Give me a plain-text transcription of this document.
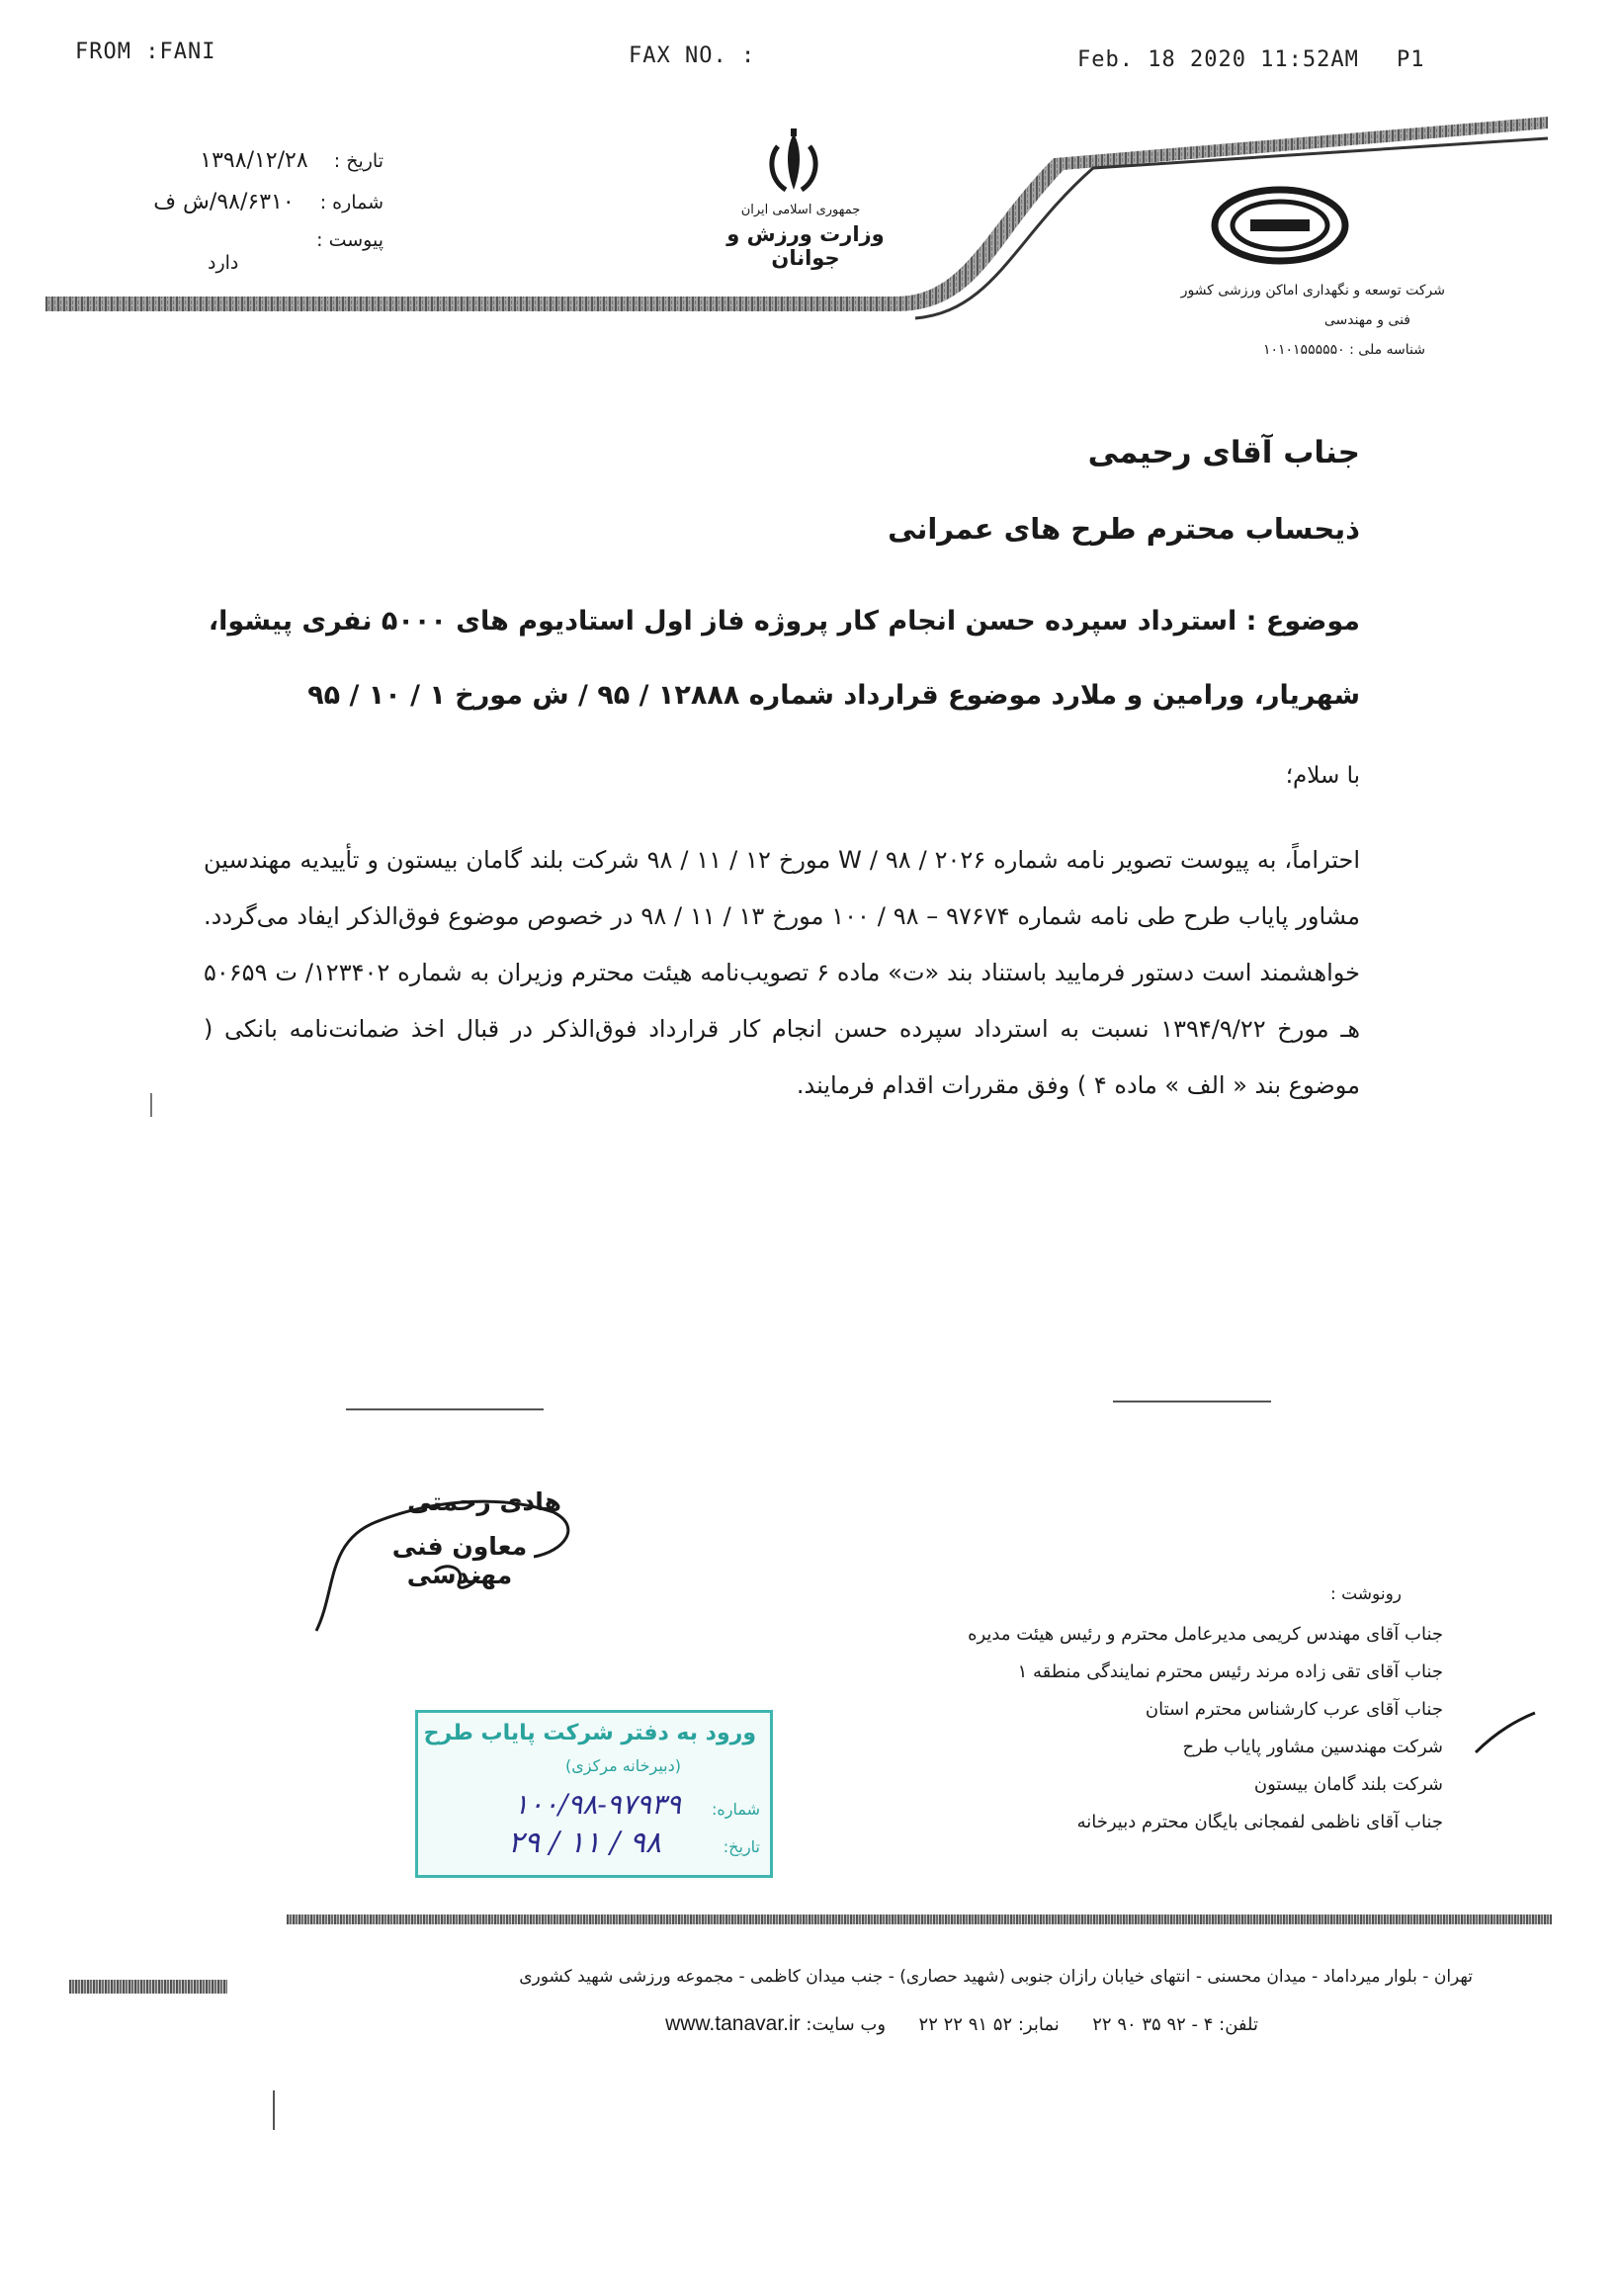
FROM :FANI	FAX NO. :	Feb. 18 2020 11:52AM P1
تاریخ :  ۱۳۹۸/۱۲/۲۸
شماره :  ۹۸/۶۳۱۰/ش ف
پیوست :
دارد
جمهوری اسلامی ایران
وزارت ورزش و جوانان
شرکت توسعه و نگهداری اماکن ورزشی کشور
فنی و مهندسی
شناسه ملی : ۱۰۱۰۱۵۵۵۵۵۰
جناب آقای رحیمی
ذیحساب محترم طرح های عمرانی
موضوع : استرداد سپرده حسن انجام کار پروژه فاز اول استادیوم های ۵۰۰۰ نفری پیشوا،
شهریار، ورامین و ملارد موضوع قرارداد شماره ۱۲۸۸۸ / ۹۵ / ش مورخ ۱ / ۱۰ / ۹۵
با سلام؛
احتراماً، به پیوست تصویر نامه شماره ۲۰۲۶ / W / ۹۸ مورخ ۱۲ / ۱۱ / ۹۸ شرکت بلند گامان بیستون و تأییدیه مهندسین مشاور پایاب طرح طی نامه شماره ۹۷۶۷۴ – ۹۸ / ۱۰۰ مورخ ۱۳ / ۱۱ / ۹۸ در خصوص موضوع فوق‌الذکر ایفاد می‌گردد. خواهشمند است دستور فرمایید باستناد بند «ت» ماده ۶ تصویب‌نامه هیئت محترم وزیران به شماره ۱۲۳۴۰۲/ ت ۵۰۶۵۹ هـ مورخ ۱۳۹۴/۹/۲۲ نسبت به استرداد سپرده حسن انجام کار قرارداد فوق‌الذکر در قبال اخذ ضمانت‌نامه بانکی ( موضوع بند « الف » ماده ۴ ) وفق مقررات اقدام فرمایند.
هادی رحمتی
معاون فنی مهندسی
رونوشت :
جناب آقای مهندس کریمی مدیرعامل محترم و رئیس هیئت مدیره
جناب آقای تقی زاده مرند رئیس محترم نمایندگی منطقه ۱
جناب آقای عرب کارشناس محترم استان
شرکت مهندسین مشاور پایاب طرح
شرکت بلند گامان بیستون
جناب آقای ناظمی لفمجانی بایگان محترم دبیرخانه
ورود به دفتر شرکت پایاب طرح
(دبیرخانه مرکزی)
شماره:
۱۰۰/۹۸-۹۷۹۳۹
تاریخ:
۹۸ / ۱۱ / ۲۹
تهران - بلوار میرداماد - میدان محسنی - انتهای خیابان رازان جنوبی (شهید حصاری) - جنب میدان کاظمی - مجموعه ورزشی شهید کشوری
تلفن: ۴ - ۹۲ ۳۵ ۹۰ ۲۲  نمابر: ۵۲ ۹۱ ۲۲ ۲۲  وب سایت: www.tanavar.ir
